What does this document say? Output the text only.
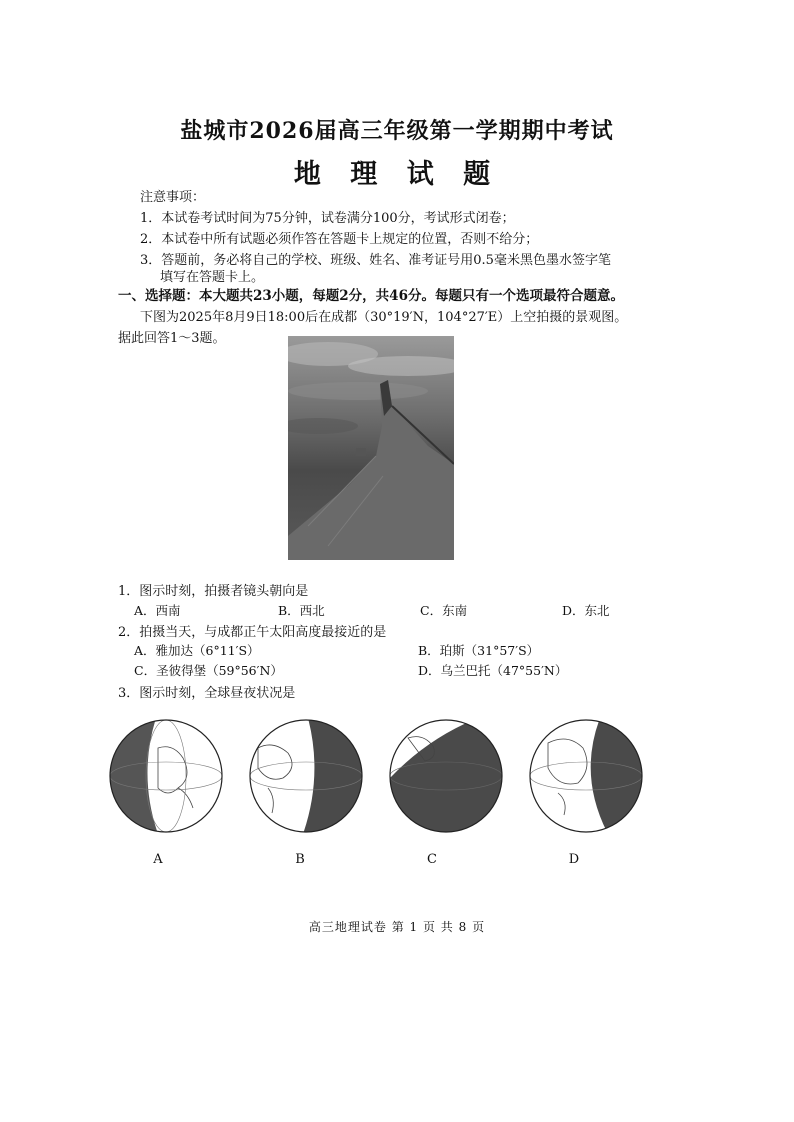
盐城市2026届高三年级第一学期期中考试
地 理 试 题
注意事项：
1．本试卷考试时间为75分钟，试卷满分100分，考试形式闭卷；
2．本试卷中所有试题必须作答在答题卡上规定的位置，否则不给分；
3．答题前，务必将自己的学校、班级、姓名、准考证号用0.5毫米黑色墨水签字笔
填写在答题卡上。
一、选择题：本大题共23小题，每题2分，共46分。每题只有一个选项最符合题意。
下图为2025年8月9日18:00后在成都（30°19′N，104°27′E）上空拍摄的景观图。
据此回答1～3题。
1．图示时刻，拍摄者镜头朝向是
A．西南	B．西北	C．东南	D．东北
2．拍摄当天，与成都正午太阳高度最接近的是
A．雅加达（6°11′S）	B．珀斯（31°57′S）
C．圣彼得堡（59°56′N）	D．乌兰巴托（47°55′N）
3．图示时刻，全球昼夜状况是
A	B	C	D
高三地理试卷 第 1 页 共 8 页
